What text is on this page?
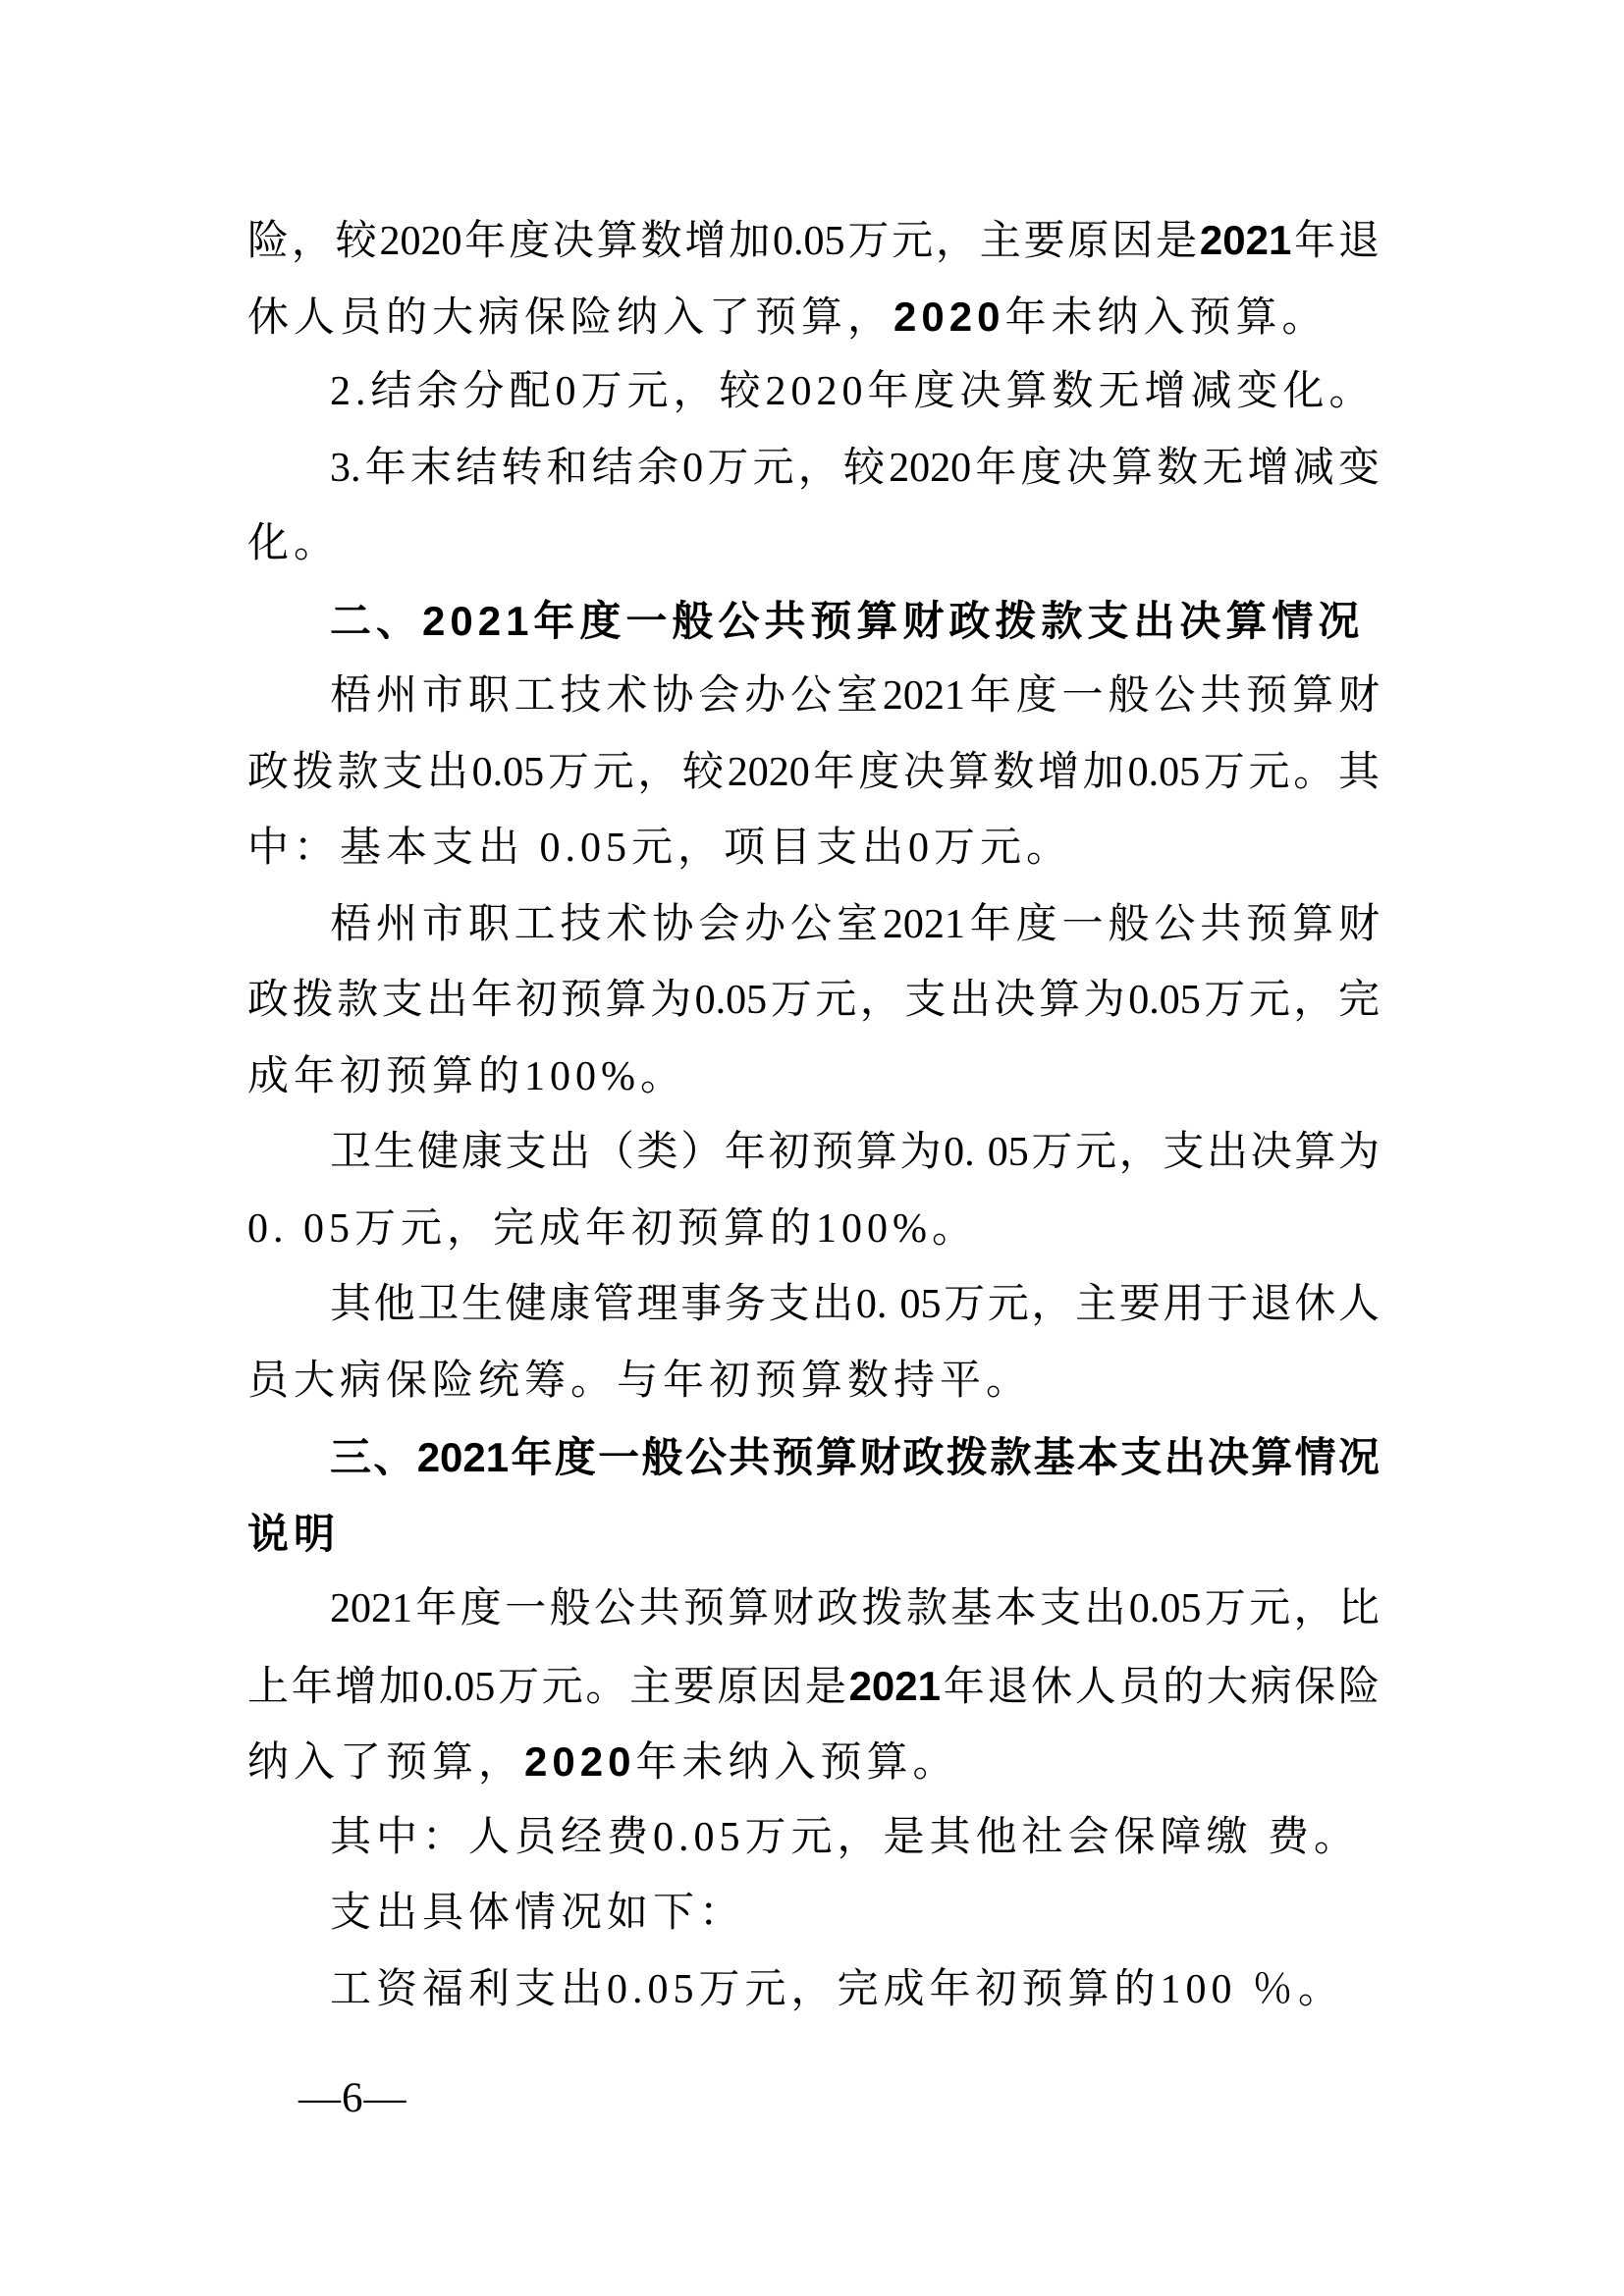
险，较2020年度决算数增加0.05万元，主要原因是2021年退
休人员的大病保险纳入了预算，2020年未纳入预算。
2.结余分配0万元，较2020年度决算数无增减变化。
3.年末结转和结余0万元，较2020年度决算数无增减变
化。
二、2021年度一般公共预算财政拨款支出决算情况
梧州市职工技术协会办公室2021年度一般公共预算财
政拨款支出0.05万元，较2020年度决算数增加0.05万元。其
中：基本支出 0.05元，项目支出0万元。
梧州市职工技术协会办公室2021年度一般公共预算财
政拨款支出年初预算为0.05万元，支出决算为0.05万元，完
成年初预算的100%。
卫生健康支出（类）年初预算为0. 05万元，支出决算为
0. 05万元，完成年初预算的100%。
其他卫生健康管理事务支出0. 05万元，主要用于退休人
员大病保险统筹。与年初预算数持平。
三、2021年度一般公共预算财政拨款基本支出决算情况
说明
2021年度一般公共预算财政拨款基本支出0.05万元，比
上年增加0.05万元。主要原因是2021年退休人员的大病保险
纳入了预算，2020年未纳入预算。
其中：人员经费0.05万元，是其他社会保障缴 费。
支出具体情况如下：
工资福利支出0.05万元，完成年初预算的100 ％。
—6—
